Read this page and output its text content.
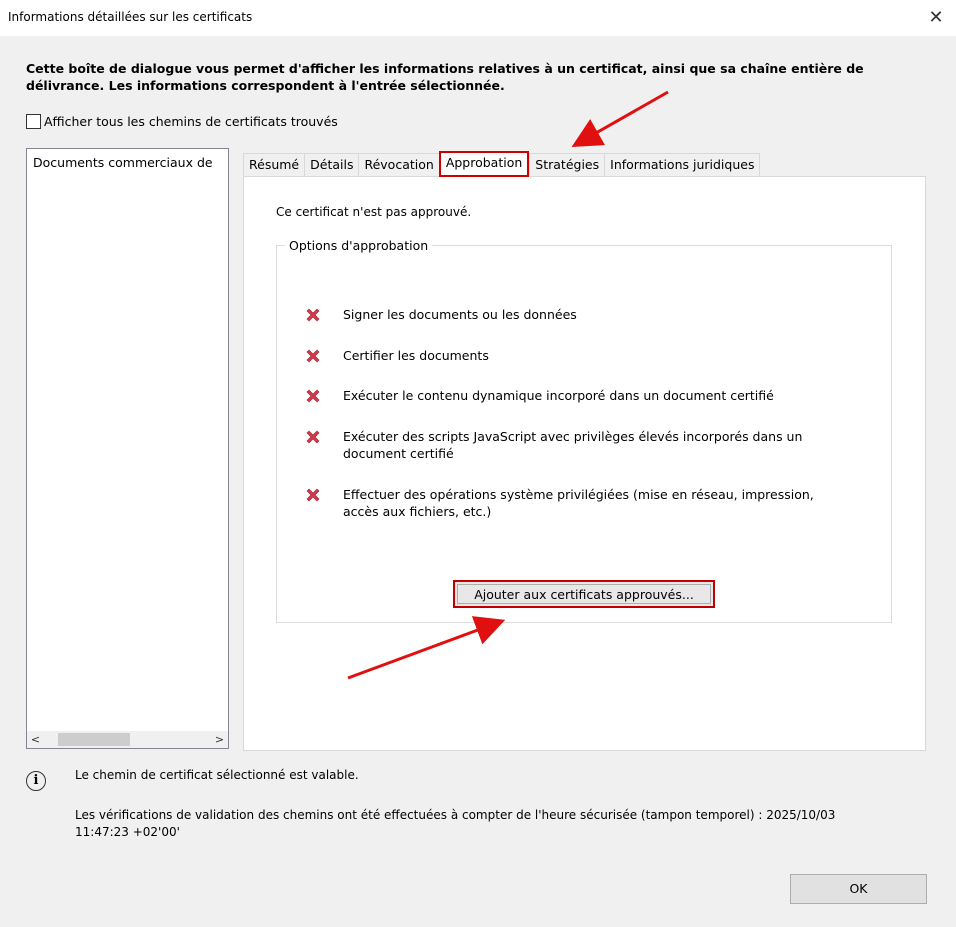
Informations détaillées sur les certificats	✕
Cette boîte de dialogue vous permet d'afficher les informations relatives à un certificat, ainsi que sa chaîne entière de délivrance. Les informations correspondent à l'entrée sélectionnée.
Afficher tous les chemins de certificats trouvés
Documents commerciaux de
<	>
Résumé Détails Révocation Approbation	Stratégies Informations juridiques
Ce certificat n'est pas approuvé.
Options d'approbation
Signer les documents ou les données
Certifier les documents
Exécuter le contenu dynamique incorporé dans un document certifié
Exécuter des scripts JavaScript avec privilèges élevés incorporés dans un document certifié
Effectuer des opérations système privilégiées (mise en réseau, impression, accès aux fichiers, etc.)
Ajouter aux certificats approuvés...
i	Le chemin de certificat sélectionné est valable.
Les vérifications de validation des chemins ont été effectuées à compter de l'heure sécurisée (tampon temporel) : 2025/10/03 11:47:23 +02'00'
OK
